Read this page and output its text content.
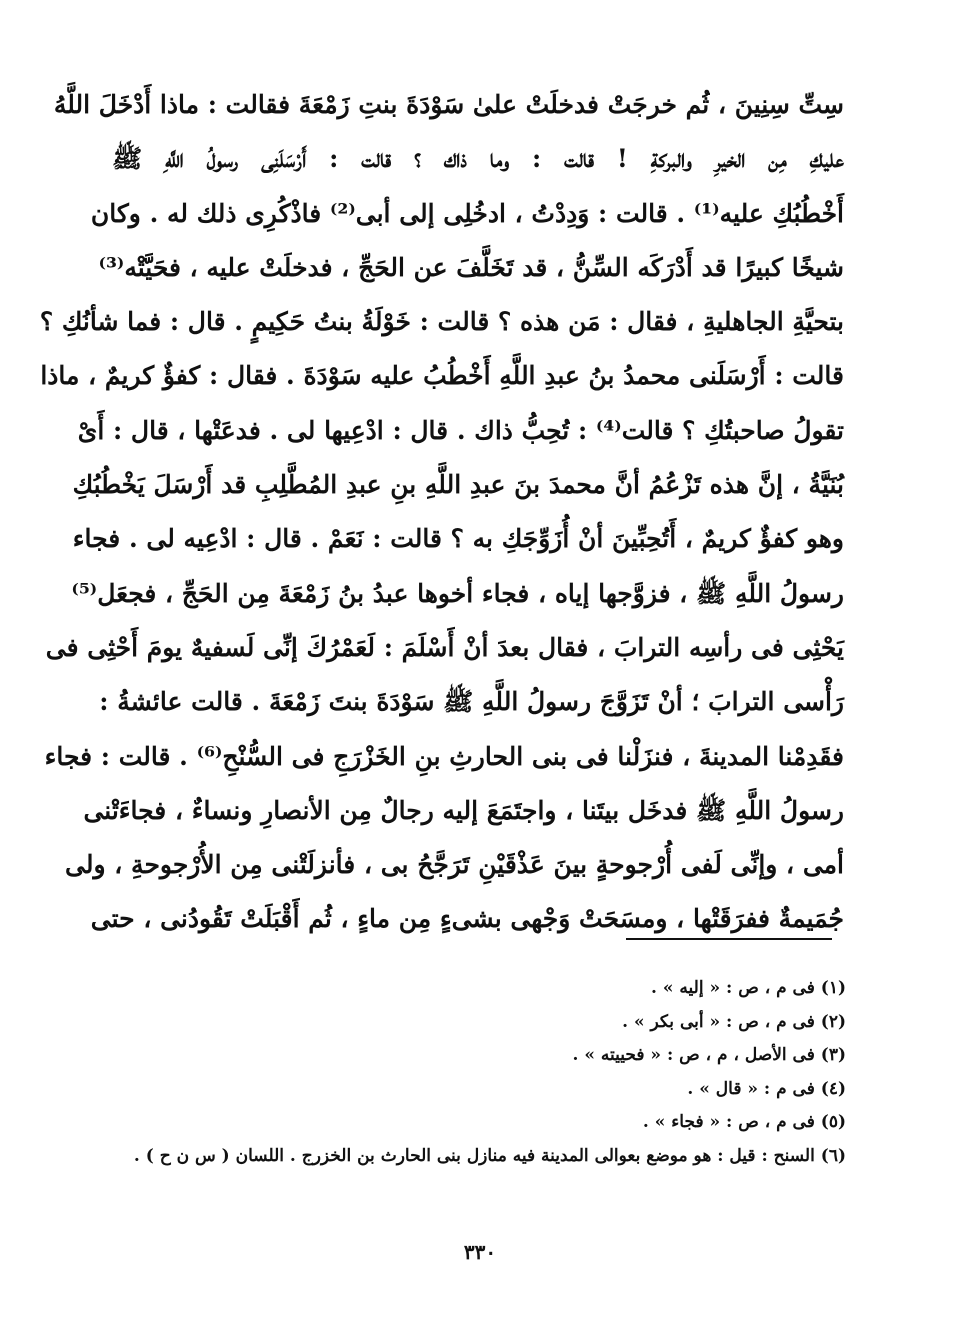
سِتِّ سِنِينَ ، ثُم خرجَتْ فدخلَتْ علىٰ سَوْدَةَ بنتِ زَمْعَةَ فقالت : ماذا أَدْخَلَ اللَّهُ
عليكِ مِن الخيرِ والبركةِ ! قالت : وما ذاك ؟ قالت : أَرْسَلَنِى رسولُ اللَّهِ ﷺ
أَخْطُبُكِ عليه⁽¹⁾ . قالت : وَدِدْتُ ، ادخُلِى إلى أبى⁽²⁾ فاذْكُرِى ذلك له . وكان
شيخًا كبيرًا قد أَدْرَكَه السِّنُّ ، قد تَخَلَّفَ عن الحَجِّ ، فدخلَتْ عليه ، فحَيَّتْه⁽³⁾
بتحيَّةِ الجاهليةِ ، فقال : مَن هذه ؟ قالت : خَوْلَةُ بنتُ حَكِيمٍ . قال : فما شأنُكِ ؟
قالت : أَرْسَلَنى محمدُ بنُ عبدِ اللَّهِ أَخْطُبُ عليه سَوْدَةَ . فقال : كفؤٌ كريمٌ ، ماذا
تقولُ صاحبتُكِ ؟ قالت⁽⁴⁾ : تُحِبُّ ذاك . قال : ادْعِيها لى . فدعَتْها ، قال : أَىْ
بُنَيَّةُ ، إنَّ هذه تَزْعُمُ أنَّ محمدَ بنَ عبدِ اللَّهِ بنِ عبدِ المُطَّلِبِ قد أَرْسَلَ يَخْطُبُكِ
وهو كفؤٌ كريمٌ ، أَتُحِبِّينَ أنْ أُزَوِّجَكِ به ؟ قالت : نَعَمْ . قال : ادْعِيه لى . فجاء
رسولُ اللَّهِ ﷺ ، فزوَّجها إياه ، فجاء أخوها عبدُ بنُ زَمْعَةَ مِن الحَجِّ ، فجعَل⁽⁵⁾
يَحْثِى فى رأسِه الترابَ ، فقال بعدَ أنْ أَسْلَمَ : لَعَمْرُكَ إنِّى لَسفيهٌ يومَ أَحْثِى فى
رَأْسى الترابَ ؛ أنْ تَزَوَّجَ رسولُ اللَّهِ ﷺ سَوْدَةَ بنتَ زَمْعَةَ . قالت عائشةُ :
فقَدِمْنا المدينةَ ، فنزَلْنا فى بنى الحارثِ بنِ الخَزْرَجِ فى السُّنْحِ⁽⁶⁾ . قالت : فجاء
رسولُ اللَّهِ ﷺ فدخَل بيتَنا ، واجتَمَعَ إليه رجالٌ مِن الأنصارِ ونساءٌ ، فجاءَتْنى
أمى ، وإنِّى لَفى أُرْجوحةٍ بينَ عَذْقَيْنِ تَرَجَّحُ بى ، فأنزلَتْنى مِن الأُرْجوحةِ ، ولى
جُمَيمةٌ ففرَقَتْها ، ومسَحَتْ وَجْهى بشىءٍ مِن ماءٍ ، ثُم أَقْبَلَتْ تَقُودُنى ، حتى
(١) فى م ، ص : « إليه » .
(٢) فى م ، ص : « أبى بكر » .
(٣) فى الأصل ، م ، ص : « فحييته » .
(٤) فى م : « قال » .
(٥) فى م ، ص : « فجاء » .
(٦) السنح : قيل : هو موضع بعوالى المدينة فيه منازل بنى الحارث بن الخزرج . اللسان ( س ن ح ) .
٣٣٠
